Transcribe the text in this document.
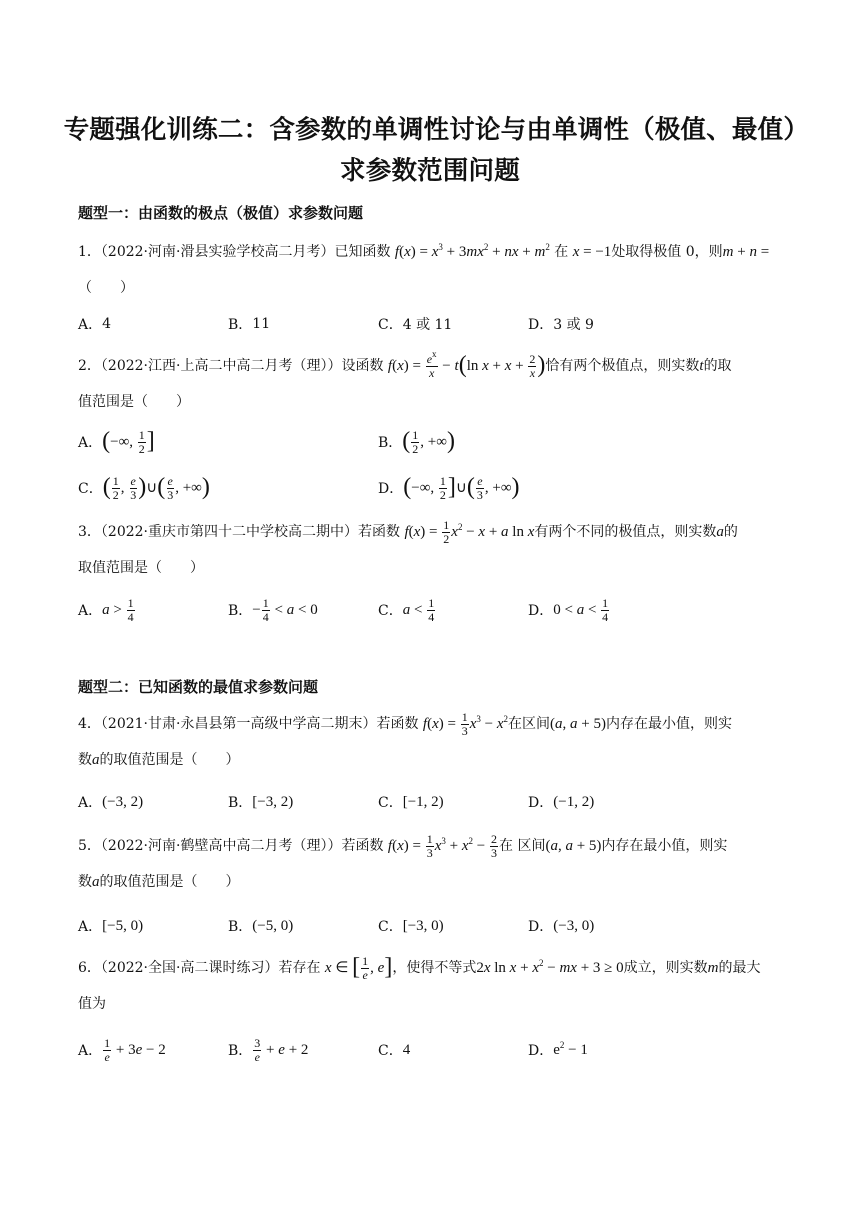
专题强化训练二：含参数的单调性讨论与由单调性（极值、最值）求参数范围问题
题型一：由函数的极点（极值）求参数问题
1．（2022·河南·滑县实验学校高二月考）已知函数 $f(x) = x^3 + 3mx^2$ + nx + $m^2$ 在 x = −1处取得极值 0，则m + n =
（　　）
A． 4	B． 11	C． 4 或 11	D． 3 或 9
2．（2022·江西·上高二中高二月考（理））设函数 $f(x) = \frac{e^x}{x} - t(\ln$ $x + x + \frac{2}{x}$ )恰有两个极值点，则实数t的取
值范围是（　　）
A． (−∞, $\frac{1}{2}$ ]	B． ( $\frac{1}{2}$ , +∞)
C． ( $\frac{1}{2}$ , $\frac{e}{3}$ )∪( $\frac{e}{3}$ , +∞)	D． (−∞, $\frac{1}{2}$ ]∪( $\frac{e}{3}$ , +∞)
3．（2022·重庆市第四十二中学校高二期中）若函数 $f(x) = \frac{1}{2} x^2 - x + a$ ln x有两个不同的极值点，则实数a的
取值范围是（　　）
A． $a > \frac{1}{4}$	B． − $\frac{1}{4} < a < 0$	C． $a < \frac{1}{4}$	D． $0 < a < \frac{1}{4}$
题型二：已知函数的最值求参数问题
4．（2021·甘肃·永昌县第一高级中学高二期末）若函数 $f(x) = \frac{1}{3} x^3 - x^2$在区间(a, a + 5)内存在最小值，则实
数a的取值范围是（　　）
A． (−3, 2)	B． [−3, 2)	C． [−1, 2)	D． (−1, 2)
5．（2022·河南·鹤壁高中高二月考（理））若函数 $f(x) = \frac{1}{3} x^3 + x^2 - \frac{2}{3}$ 在 区间(a, a + 5)内存在最小值，则实
数a的取值范围是（　　）
A． [−5, 0)	B． (−5, 0)	C． [−3, 0)	D． (−3, 0)
6．（2022·全国·高二课时练习）若存在 x ∈ [ $\frac{1}{e}$ , e]，使得不等式2x $\ln x + x^2$ − mx + 3 ≥ 0成立，则实数m的最大
值为
A． $\frac{1}{e} + 3e - 2$	B． $\frac{3}{e} + e + 2$	C． 4	D． $e^2 - 1$
